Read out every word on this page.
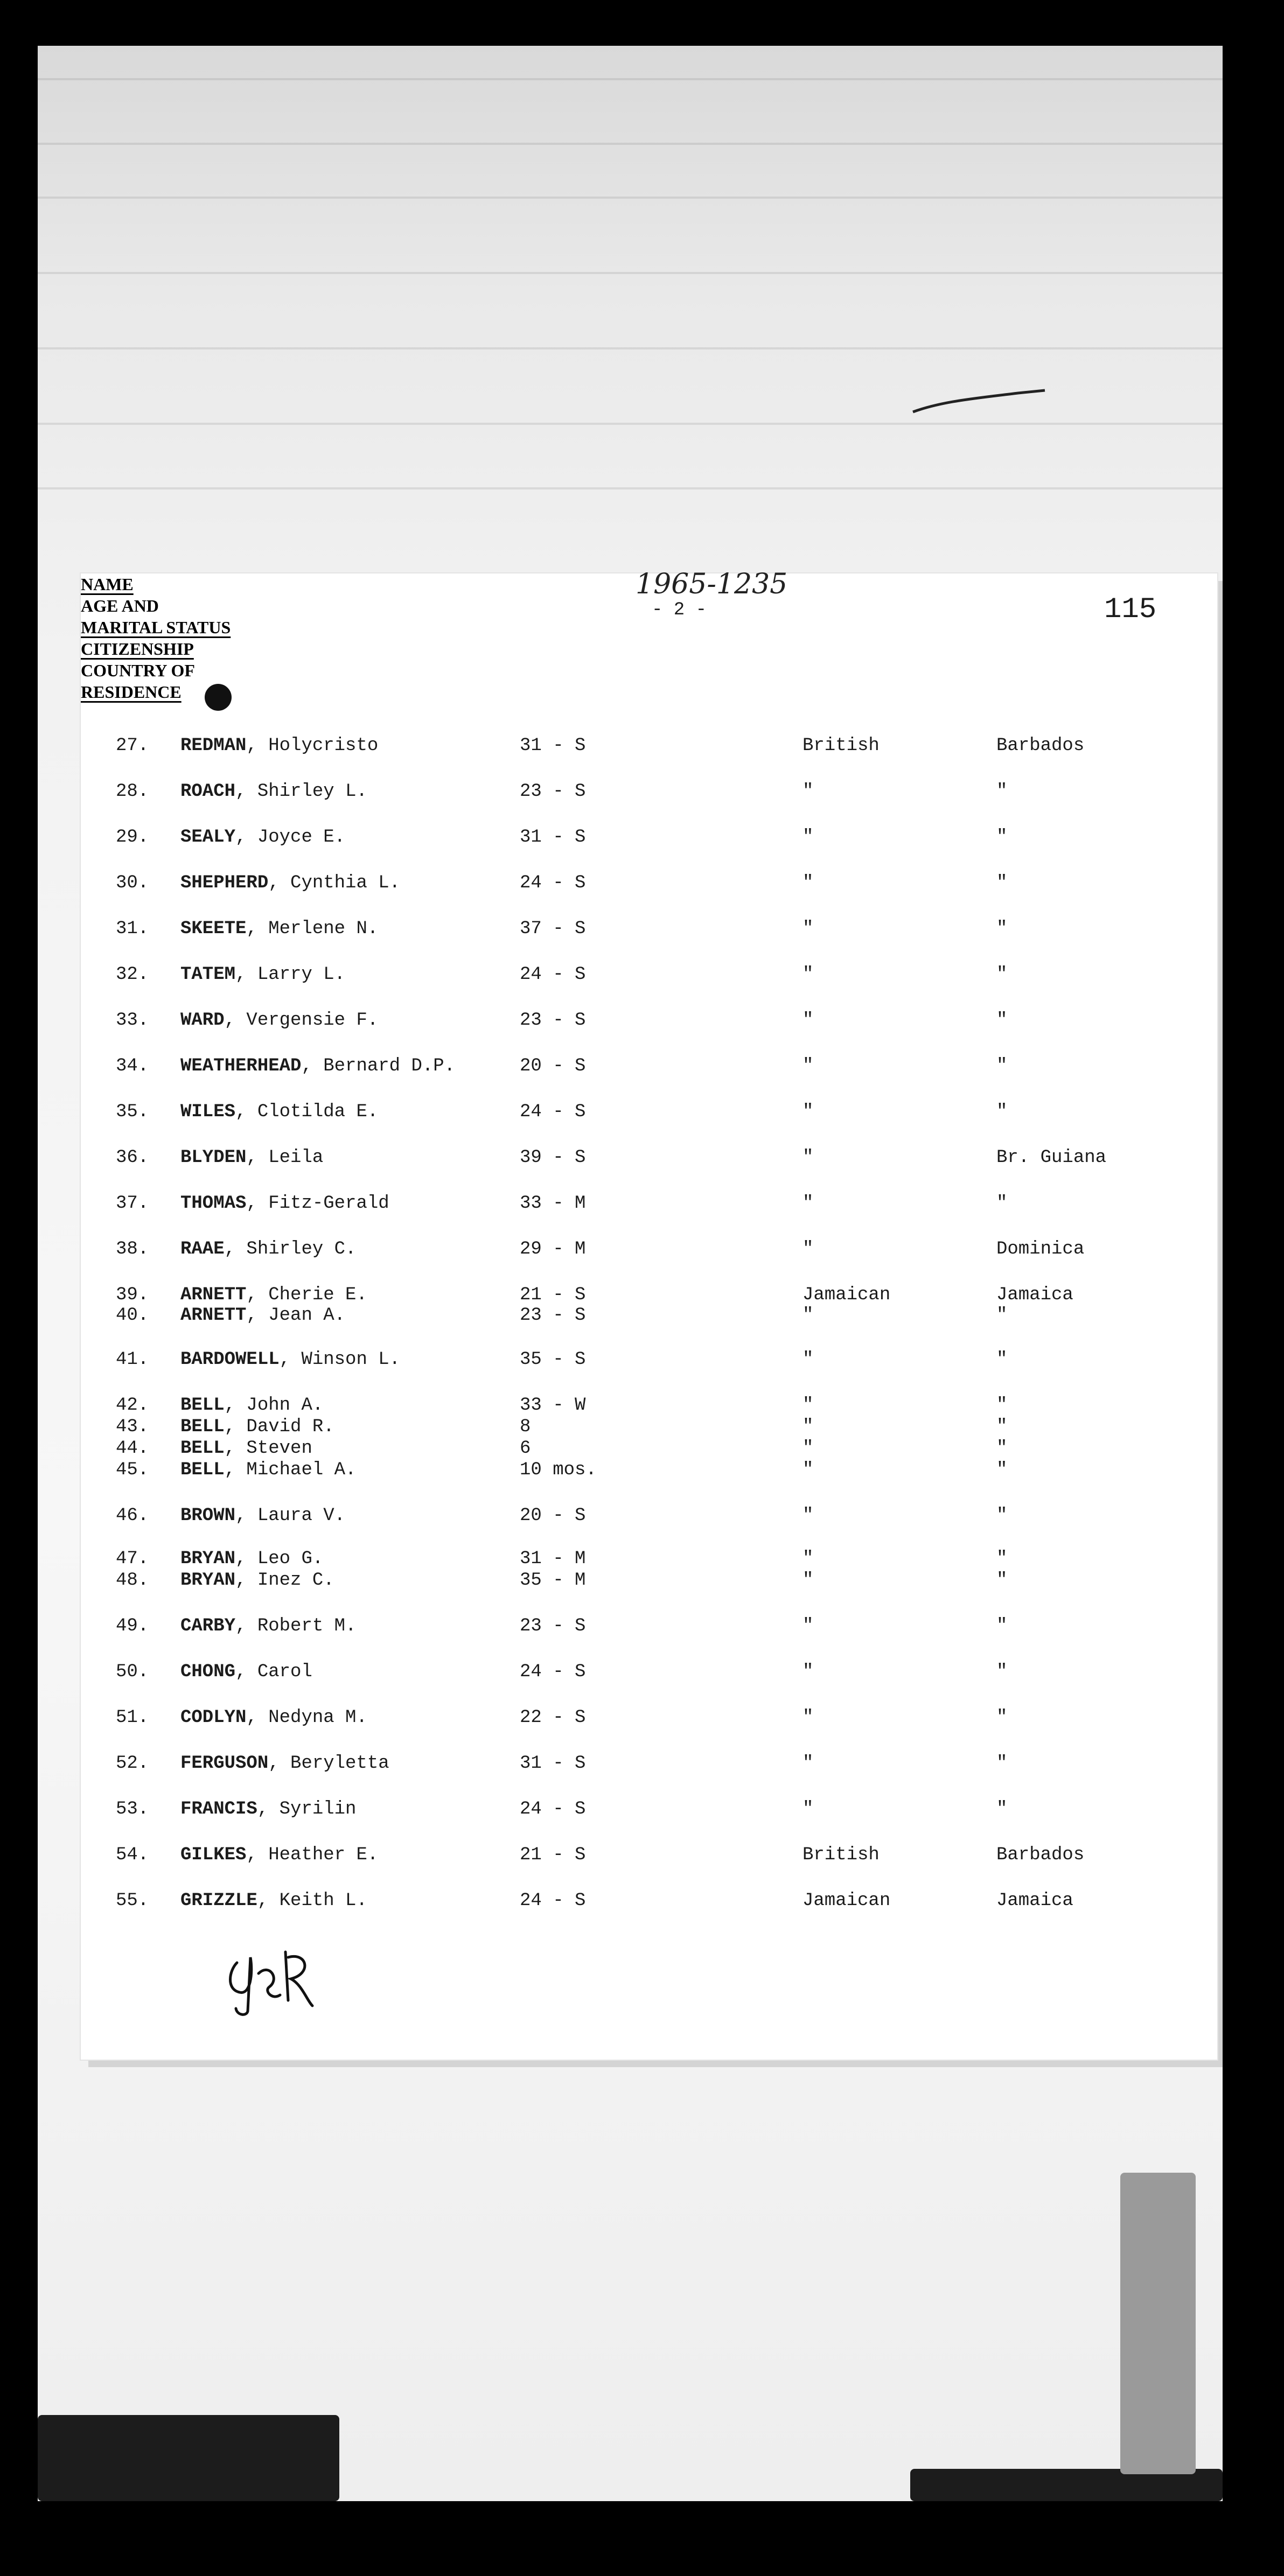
1965-1235
- 2 -	115
NAME
AGE AND
MARITAL STATUS
CITIZENSHIP
COUNTRY OF
RESIDENCE
27. REDMAN, Holycristo	31 - S	British	Barbados
28. ROACH, Shirley L.	23 - S	"	"
29. SEALY, Joyce E.	31 - S	"	"
30. SHEPHERD, Cynthia L.	24 - S	"	"
31. SKEETE, Merlene N.	37 - S	"	"
32. TATEM, Larry L.	24 - S	"	"
33. WARD, Vergensie F.	23 - S	"	"
34. WEATHERHEAD, Bernard D.P.	20 - S	"	"
35. WILES, Clotilda E.	24 - S	"	"
36. BLYDEN, Leila	39 - S	"	Br. Guiana
37. THOMAS, Fitz-Gerald	33 - M	"	"
38. RAAE, Shirley C.	29 - M	"	Dominica
39. ARNETT, Cherie E.	21 - S	Jamaican	Jamaica
40. ARNETT, Jean A.	23 - S	"	"
41. BARDOWELL, Winson L.	35 - S	"	"
42. BELL, John A.	33 - W	"	"
43. BELL, David R.	8	"	"
44. BELL, Steven	6	"	"
45. BELL, Michael A.	10 mos.	"	"
46. BROWN, Laura V.	20 - S	"	"
47. BRYAN, Leo G.	31 - M	"	"
48. BRYAN, Inez C.	35 - M	"	"
49. CARBY, Robert M.	23 - S	"	"
50. CHONG, Carol	24 - S	"	"
51. CODLYN, Nedyna M.	22 - S	"	"
52. FERGUSON, Beryletta	31 - S	"	"
53. FRANCIS, Syrilin	24 - S	"	"
54. GILKES, Heather E.	21 - S	British	Barbados
55. GRIZZLE, Keith L.	24 - S	Jamaican	Jamaica
